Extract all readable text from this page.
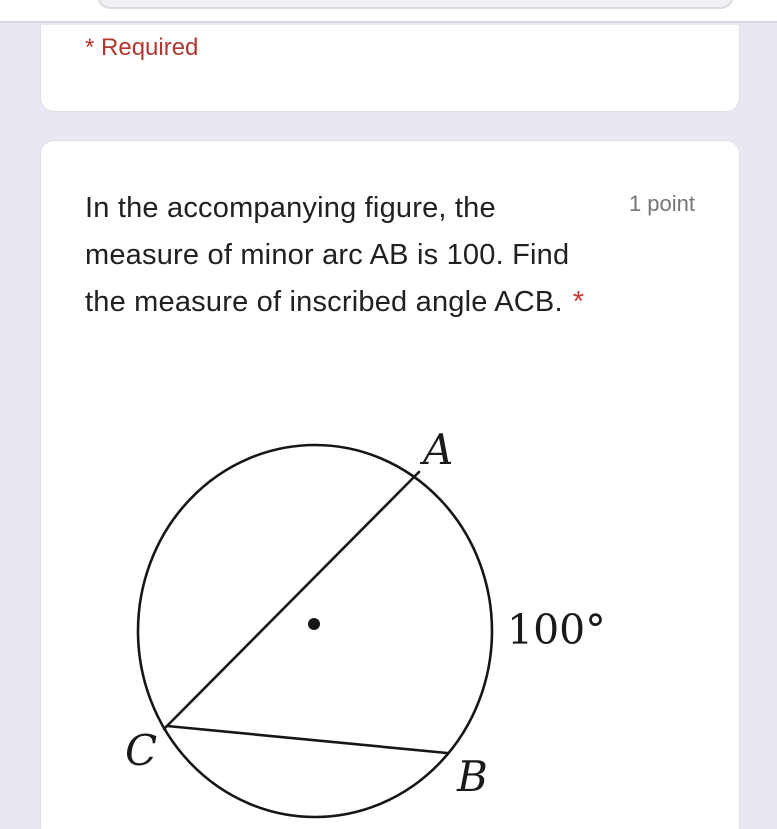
* Required
In the accompanying figure, the
measure of minor arc AB is 100. Find
the measure of inscribed angle ACB. *
1 point
A
B
C
100°
